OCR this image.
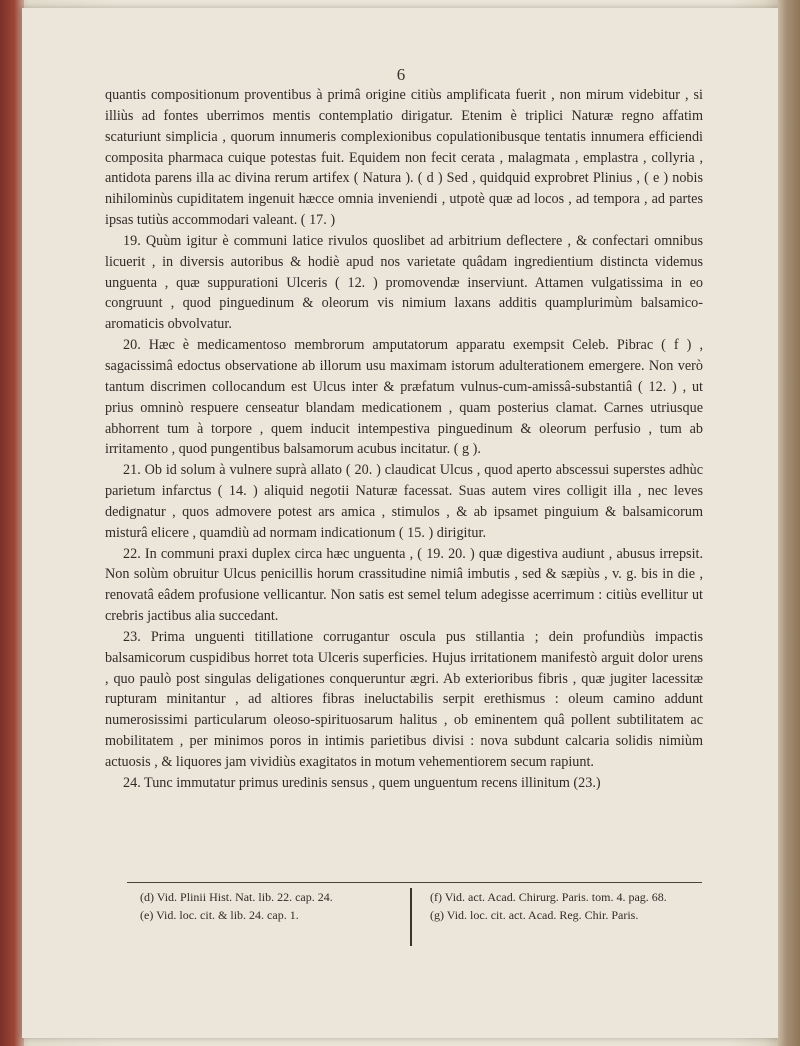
6

quantis compositionum proventibus à primâ origine citiùs amplificata fuerit , non mirum videbitur , si illiùs ad fontes uberrimos mentis contemplatio dirigatur. Etenim è triplici Naturæ regno affatim scaturiunt simplicia , quorum innumeris complexionibus copulationibusque tentatis innumera efficiendi composita pharmaca cuique potestas fuit. Equidem non fecit cerata , malagmata , emplastra , collyria , antidota parens illa ac divina rerum artifex ( Natura ). ( d ) Sed , quidquid exprobret Plinius , ( e ) nobis nihilominùs cupiditatem ingenuit hæcce omnia inveniendi , utpotè quæ ad locos , ad tempora , ad partes ipsas tutiùs accommodari valeant. ( 17. )

19. Quùm igitur è communi latice rivulos quoslibet ad arbitrium deflectere , & confectari omnibus licuerit , in diversis autoribus & hodiè apud nos varietate quâdam ingredientium distincta videmus unguenta , quæ suppurationi Ulceris ( 12. ) promovendæ inserviunt. Attamen vulgatissima in eo congruunt , quod pinguedinum & oleorum vis nimium laxans additis quamplurimùm balsamico-aromaticis obvolvatur.

20. Hæc è medicamentoso membrorum amputatorum apparatu exempsit Celeb. Pibrac ( f ) , sagacissimâ edoctus observatione ab illorum usu maximam istorum adulterationem emergere. Non verò tantum discrimen collocandum est Ulcus inter & præfatum vulnus-cum-amissâ-substantiâ ( 12. ) , ut prius omninò respuere censeatur blandam medicationem , quam posterius clamat. Carnes utriusque abhorrent tum à torpore , quem inducit intempestiva pinguedinum & oleorum perfusio , tum ab irritamento , quod pungentibus balsamorum acubus incitatur. ( g ).

21. Ob id solum à vulnere suprà allato ( 20. ) claudicat Ulcus , quod aperto abscessui superstes adhùc parietum infarctus ( 14. ) aliquid negotii Naturæ facessat. Suas autem vires colligit illa , nec leves dedignatur , quos admovere potest ars amica , stimulos , & ab ipsamet pinguium & balsamicorum misturâ elicere , quamdiù ad normam indicationum ( 15. ) dirigitur.

22. In communi praxi duplex circa hæc unguenta , ( 19. 20. ) quæ digestiva audiunt , abusus irrepsit. Non solùm obruitur Ulcus penicillis horum crassitudine nimiâ imbutis , sed & sæpiùs , v. g. bis in die , renovatâ eâdem profusione vellicantur. Non satis est semel telum adegisse acerrimum : citiùs evellitur ut crebris jactibus alia succedant.

23. Prima unguenti titillatione corrugantur oscula pus stillantia ; dein profundiùs impactis balsamicorum cuspidibus horret tota Ulceris superficies. Hujus irritationem manifestò arguit dolor urens , quo paulò post singulas deligationes conqueruntur ægri. Ab exterioribus fibris , quæ jugiter lacessitæ rupturam minitantur , ad altiores fibras ineluctabilis serpit erethismus : oleum camino addunt numerosissimi particularum oleoso-spirituosarum halitus , ob eminentem quâ pollent subtilitatem ac mobilitatem , per minimos poros in intimis parietibus divisi : nova subdunt calcaria solidis nimiùm actuosis , & liquores jam vividiùs exagitatos in motum vehementiorem secum rapiunt.

24. Tunc immutatur primus uredinis sensus , quem unguentum recens illinitum (23.)

(d) Vid. Plinii Hist. Nat. lib. 22. cap. 24.

(e) Vid. loc. cit. & lib. 24. cap. 1.

(f) Vid. act. Acad. Chirurg. Paris. tom. 4. pag. 68.

(g) Vid. loc. cit. act. Acad. Reg. Chir. Paris.
